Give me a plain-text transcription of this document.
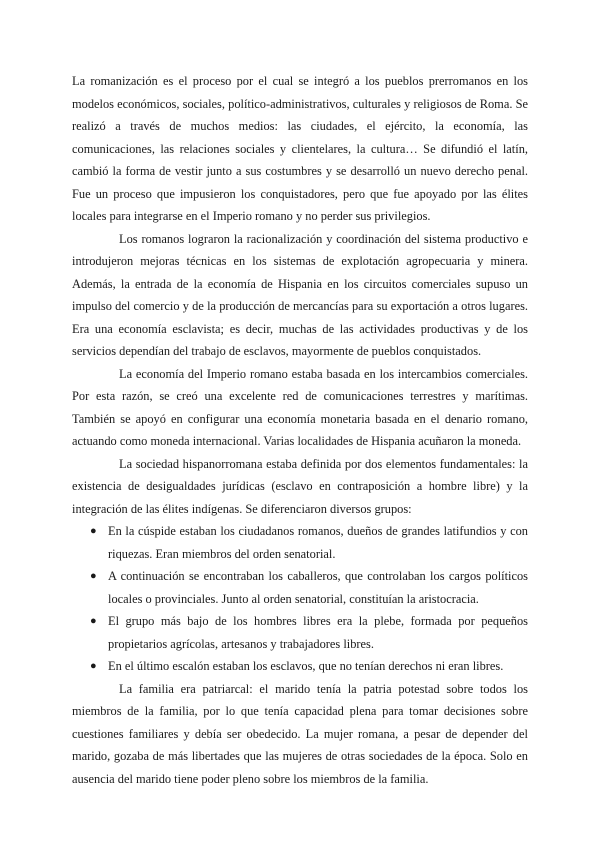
La romanización es el proceso por el cual se integró a los pueblos prerromanos en los modelos económicos, sociales, político-administrativos, culturales y religiosos de Roma. Se realizó a través de muchos medios: las ciudades, el ejército, la economía, las comunicaciones, las relaciones sociales y clientelares, la cultura… Se difundió el latín, cambió la forma de vestir junto a sus costumbres y se desarrolló un nuevo derecho penal. Fue un proceso que impusieron los conquistadores, pero que fue apoyado por las élites locales para integrarse en el Imperio romano y no perder sus privilegios.

Los romanos lograron la racionalización y coordinación del sistema productivo e introdujeron mejoras técnicas en los sistemas de explotación agropecuaria y minera. Además, la entrada de la economía de Hispania en los circuitos comerciales supuso un impulso del comercio y de la producción de mercancías para su exportación a otros lugares. Era una economía esclavista; es decir, muchas de las actividades productivas y de los servicios dependían del trabajo de esclavos, mayormente de pueblos conquistados.

La economía del Imperio romano estaba basada en los intercambios comerciales. Por esta razón, se creó una excelente red de comunicaciones terrestres y marítimas. También se apoyó en configurar una economía monetaria basada en el denario romano, actuando como moneda internacional. Varias localidades de Hispania acuñaron la moneda.

La sociedad hispanorromana estaba definida por dos elementos fundamentales: la existencia de desigualdades jurídicas (esclavo en contraposición a hombre libre) y la integración de las élites indígenas. Se diferenciaron diversos grupos:

● En la cúspide estaban los ciudadanos romanos, dueños de grandes latifundios y con riquezas. Eran miembros del orden senatorial.
● A continuación se encontraban los caballeros, que controlaban los cargos políticos locales o provinciales. Junto al orden senatorial, constituían la aristocracia.
● El grupo más bajo de los hombres libres era la plebe, formada por pequeños propietarios agrícolas, artesanos y trabajadores libres.
● En el último escalón estaban los esclavos, que no tenían derechos ni eran libres.

La familia era patriarcal: el marido tenía la patria potestad sobre todos los miembros de la familia, por lo que tenía capacidad plena para tomar decisiones sobre cuestiones familiares y debía ser obedecido. La mujer romana, a pesar de depender del marido, gozaba de más libertades que las mujeres de otras sociedades de la época. Solo en ausencia del marido tiene poder pleno sobre los miembros de la familia.
